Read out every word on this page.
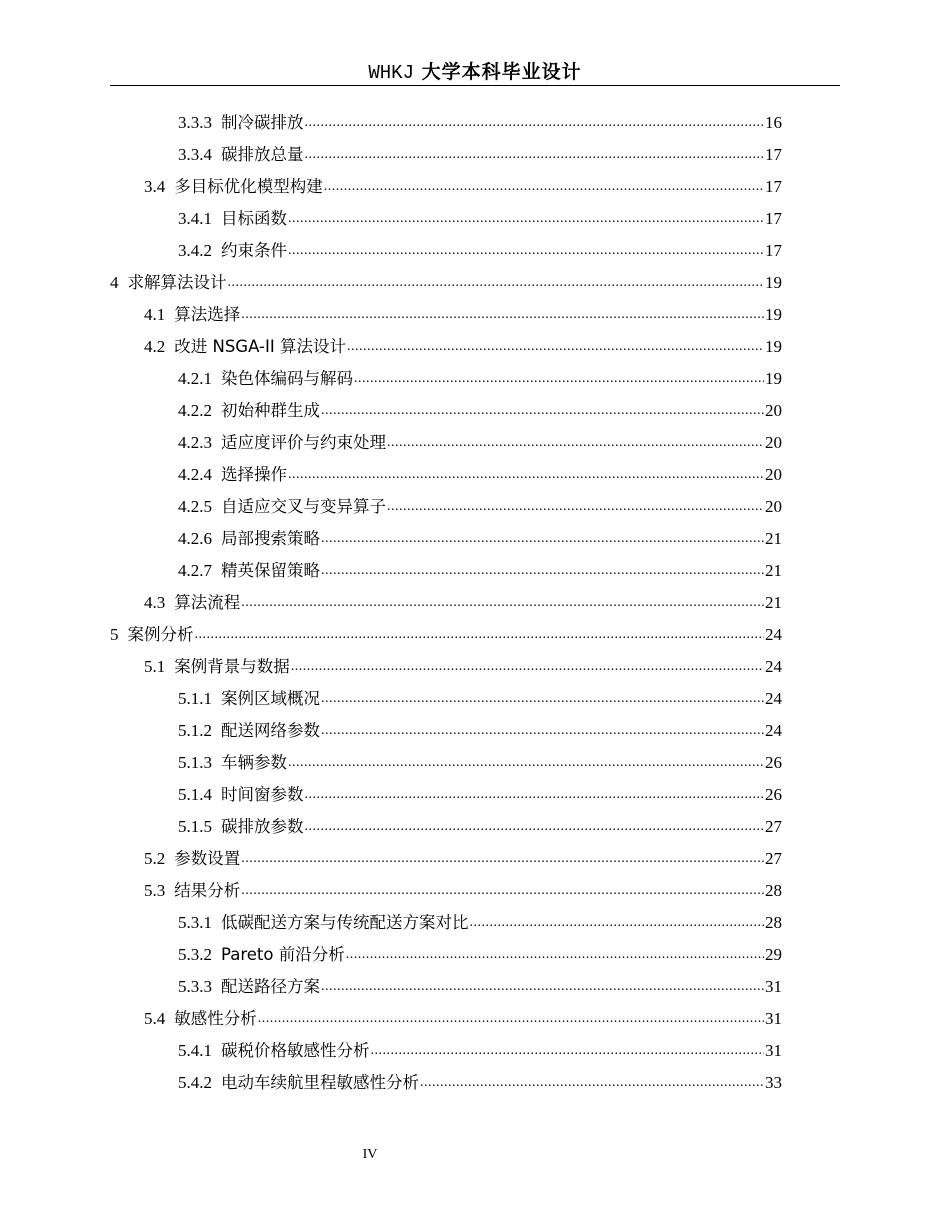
WHKJ 大学本科毕业设计
3.3.3 制冷碳排放 .....	16
3.3.4 碳排放总量 .....	17
3.4 多目标优化模型构建 .....	17
3.4.1 目标函数 .....	17
3.4.2 约束条件 .....	17
4 求解算法设计 .....	19
4.1 算法选择 .....	19
4.2 改进 NSGA-II 算法设计 .....	19
4.2.1 染色体编码与解码 .....	19
4.2.2 初始种群生成 .....	20
4.2.3 适应度评价与约束处理 .....	20
4.2.4 选择操作 .....	20
4.2.5 自适应交叉与变异算子 .....	20
4.2.6 局部搜索策略 .....	21
4.2.7 精英保留策略 .....	21
4.3 算法流程 .....	21
5 案例分析 .....	24
5.1 案例背景与数据 .....	24
5.1.1 案例区域概况 .....	24
5.1.2 配送网络参数 .....	24
5.1.3 车辆参数 .....	26
5.1.4 时间窗参数 .....	26
5.1.5 碳排放参数 .....	27
5.2 参数设置 .....	27
5.3 结果分析 .....	28
5.3.1 低碳配送方案与传统配送方案对比 .....	28
5.3.2 Pareto 前沿分析 .....	29
5.3.3 配送路径方案 .....	31
5.4 敏感性分析 .....	31
5.4.1 碳税价格敏感性分析 .....	31
5.4.2 电动车续航里程敏感性分析 .....	33
IV
